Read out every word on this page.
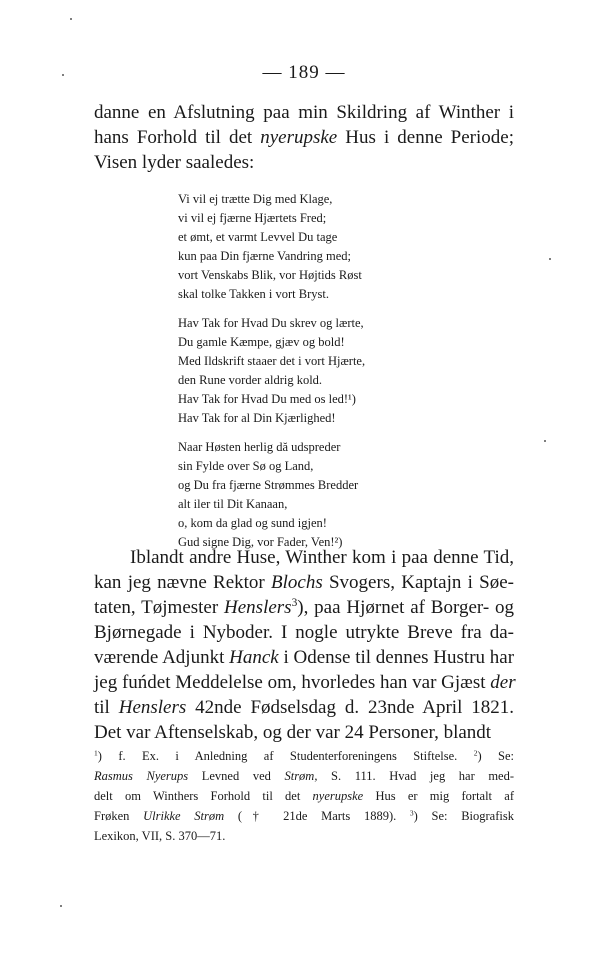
— 189 —
danne en Afslutning paa min Skildring af Winther i
hans Forhold til det nyerupske Hus i denne Periode;
Visen lyder saaledes:
Vi vil ej trætte Dig med Klage,
vi vil ej fjærne Hjærtets Fred;
et ømt, et varmt Levvel Du tage
kun paa Din fjærne Vandring med;
vort Venskabs Blik, vor Højtids Røst
skal tolke Takken i vort Bryst.
Hav Tak for Hvad Du skrev og lærte,
Du gamle Kæmpe, gjæv og bold!
Med Ildskrift staaer det i vort Hjærte,
den Rune vorder aldrig kold.
Hav Tak for Hvad Du med os led!¹)
Hav Tak for al Din Kjærlighed!
Naar Høsten herlig dă udspreder
sin Fylde over Sø og Land,
og Du fra fjærne Strømmes Bredder
alt iler til Dit Kanaan,
o, kom da glad og sund igjen!
Gud signe Dig, vor Fader, Ven!²)
Iblandt andre Huse, Winther kom i paa denne Tid,
kan jeg nævne Rektor Blochs Svogers, Kaptajn i Søe-
taten, Tøjmester Henslers$^3$), paa Hjørnet af Borger- og
Bjørnegade i Nyboder. I nogle utrykte Breve fra da-
værende Adjunkt Hanck i Odense til dennes Hustru har
jeg fuńdet Meddelelse om, hvorledes han var Gjæst der
til Henslers 42nde Fødselsdag d. 23nde April 1821.
Det var Aftenselskab, og der var 24 Personer, blandt
$^1$) f. Ex. i Anledning af Studenterforeningens Stiftelse. $^2$) Se:
Rasmus Nyerups Levned ved Strøm, S. 111. Hvad jeg har med-
delt om Winthers Forhold til det nyerupske Hus er mig fortalt af
Frøken Ulrikke Strøm († 21de Marts 1889). $^3$) Se: Biografisk
Lexikon, VII, S. 370—71.
